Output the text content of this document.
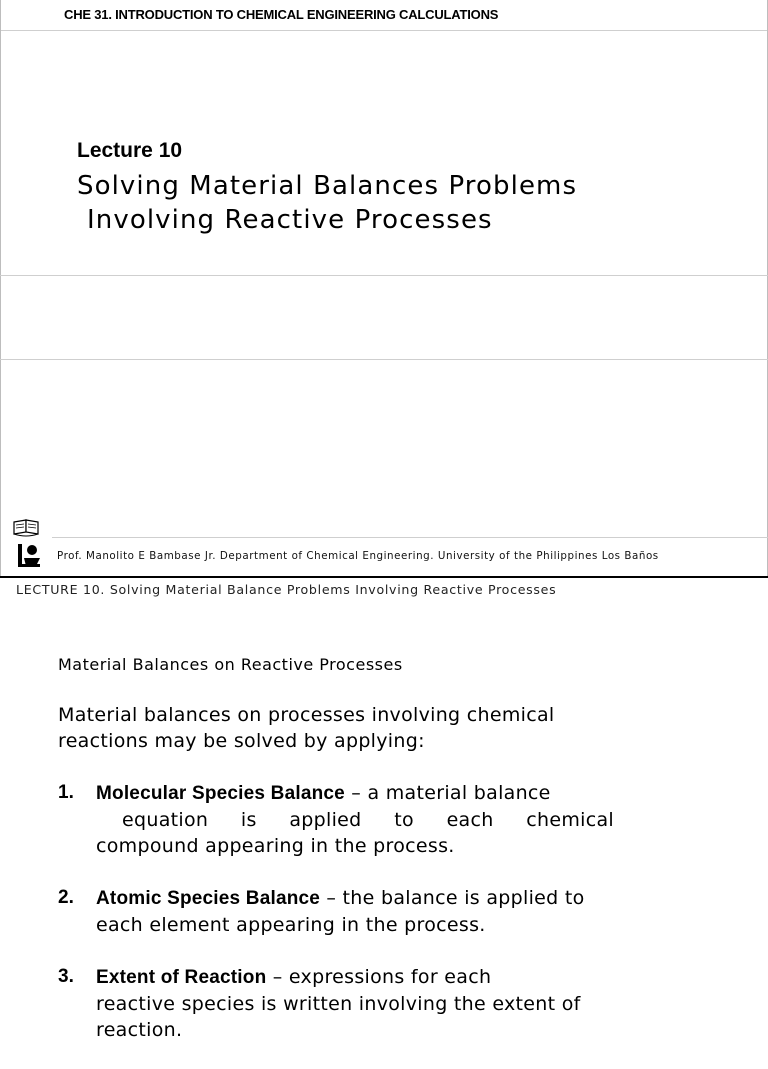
CHE 31. INTRODUCTION TO CHEMICAL ENGINEERING CALCULATIONS
Lecture 10
Solving Material Balances Problems
Involving Reactive Processes
Prof. Manolito E Bambase Jr. Department of Chemical Engineering. University of the Philippines Los Baños
LECTURE 10. Solving Material Balance Problems Involving Reactive Processes
Material Balances on Reactive Processes
Material balances on processes involving chemical
reactions may be solved by applying:
1. Molecular Species Balance – a material balance
equation is applied to each chemical
compound appearing in the process.
2. Atomic Species Balance – the balance is applied to
each element appearing in the process.
3. Extent of Reaction – expressions for each
reactive species is written involving the extent of
reaction.
